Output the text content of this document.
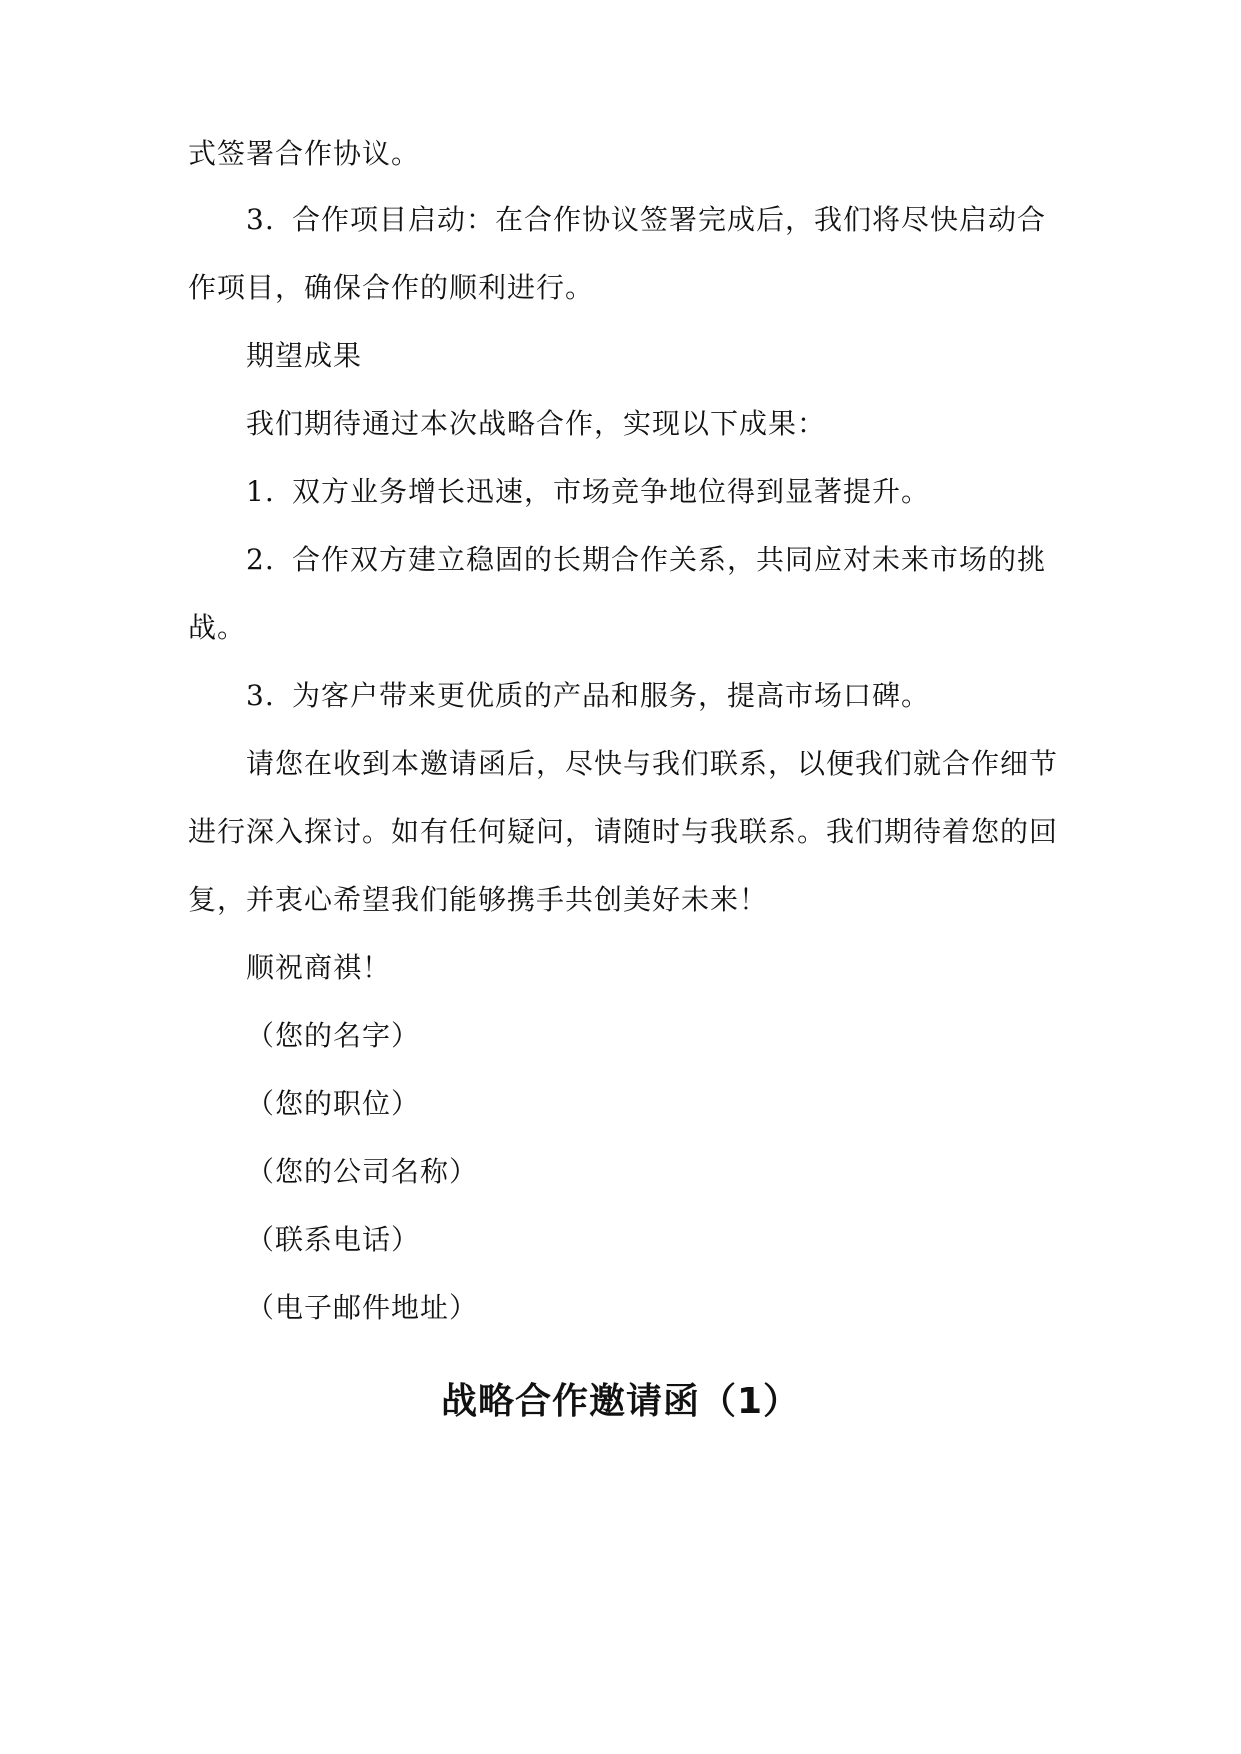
式签署合作协议。
3. 合作项目启动：在合作协议签署完成后，我们将尽快启动合
作项目，确保合作的顺利进行。
期望成果
我们期待通过本次战略合作，实现以下成果：
1. 双方业务增长迅速，市场竞争地位得到显著提升。
2. 合作双方建立稳固的长期合作关系，共同应对未来市场的挑
战。
3. 为客户带来更优质的产品和服务，提高市场口碑。
请您在收到本邀请函后，尽快与我们联系，以便我们就合作细节
进行深入探讨。如有任何疑问，请随时与我联系。我们期待着您的回
复，并衷心希望我们能够携手共创美好未来！
顺祝商祺！
（您的名字）
（您的职位）
（您的公司名称）
（联系电话）
（电子邮件地址）
战略合作邀请函（1）
